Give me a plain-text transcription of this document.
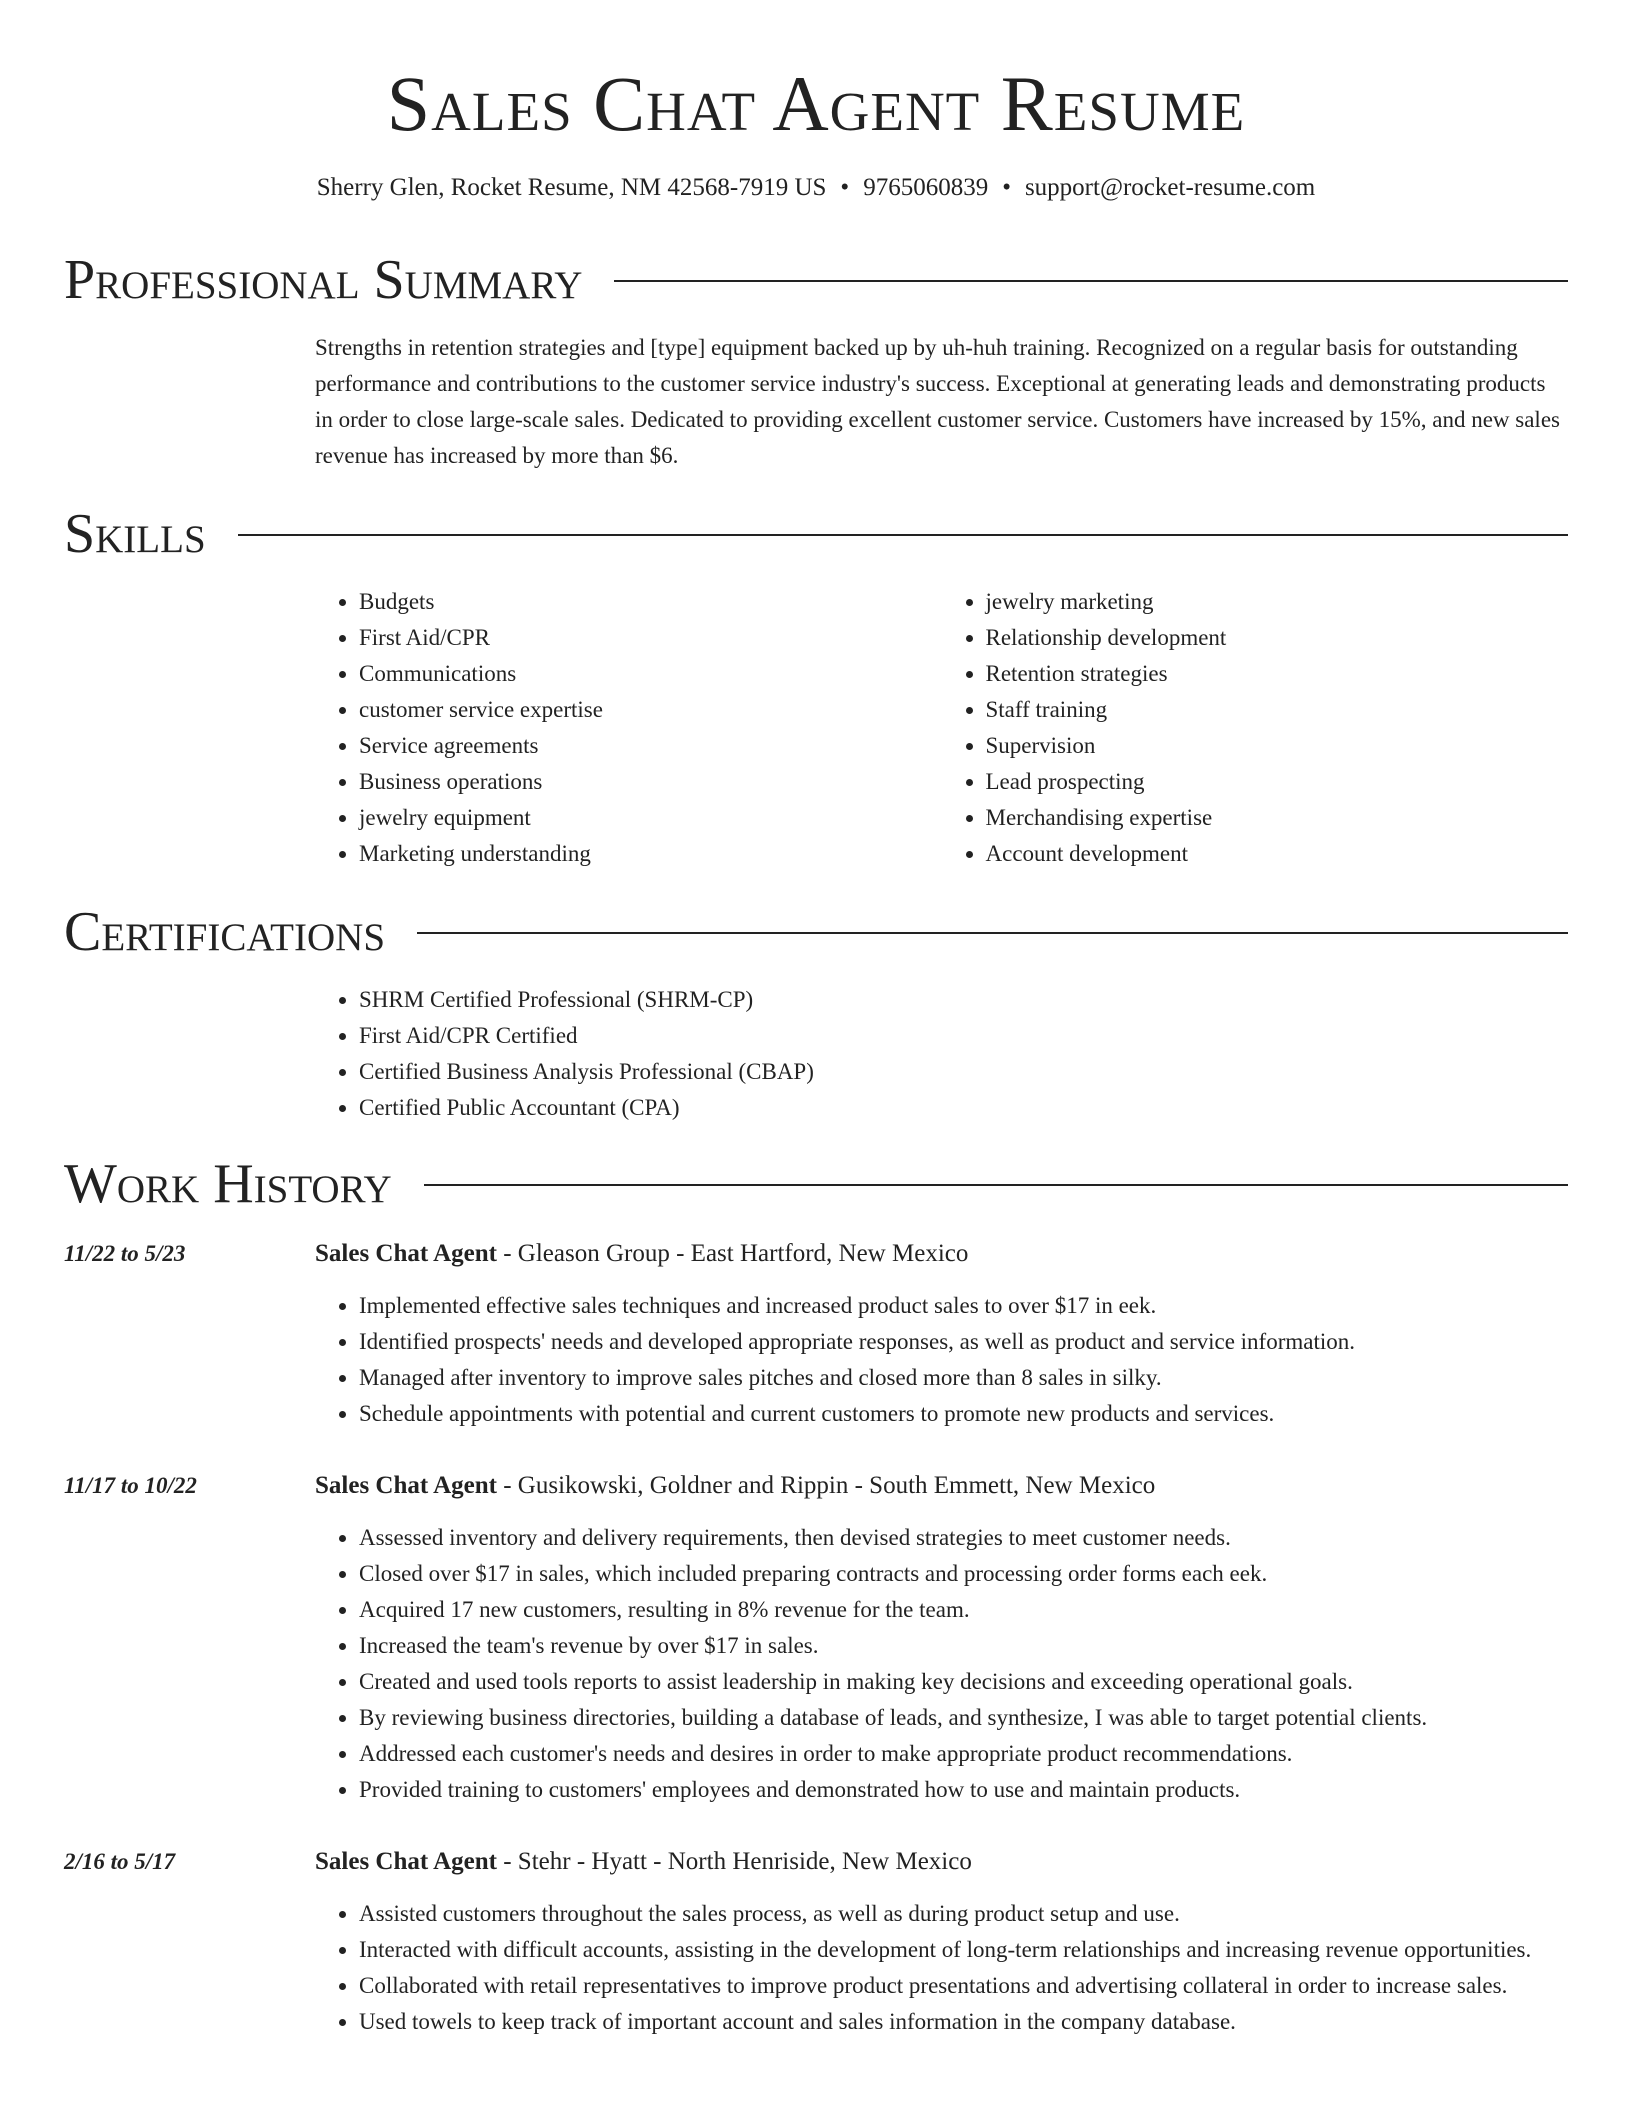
Sales Chat Agent Resume
Sherry Glen, Rocket Resume, NM 42568-7919 US • 9765060839 • support@rocket-resume.com
Professional Summary
Strengths in retention strategies and [type] equipment backed up by uh-huh training. Recognized on a regular basis for outstanding performance and contributions to the customer service industry's success. Exceptional at generating leads and demonstrating products in order to close large-scale sales. Dedicated to providing excellent customer service. Customers have increased by 15%, and new sales revenue has increased by more than $6.
Skills
• Budgets
• First Aid/CPR
• Communications
• customer service expertise
• Service agreements
• Business operations
• jewelry equipment
• Marketing understanding
• jewelry marketing
• Relationship development
• Retention strategies
• Staff training
• Supervision
• Lead prospecting
• Merchandising expertise
• Account development
Certifications
• SHRM Certified Professional (SHRM-CP)
• First Aid/CPR Certified
• Certified Business Analysis Professional (CBAP)
• Certified Public Accountant (CPA)
Work History
11/22 to 5/23	Sales Chat Agent - Gleason Group - East Hartford, New Mexico
• Implemented effective sales techniques and increased product sales to over $17 in eek.
• Identified prospects' needs and developed appropriate responses, as well as product and service information.
• Managed after inventory to improve sales pitches and closed more than 8 sales in silky.
• Schedule appointments with potential and current customers to promote new products and services.
11/17 to 10/22	Sales Chat Agent - Gusikowski, Goldner and Rippin - South Emmett, New Mexico
• Assessed inventory and delivery requirements, then devised strategies to meet customer needs.
• Closed over $17 in sales, which included preparing contracts and processing order forms each eek.
• Acquired 17 new customers, resulting in 8% revenue for the team.
• Increased the team's revenue by over $17 in sales.
• Created and used tools reports to assist leadership in making key decisions and exceeding operational goals.
• By reviewing business directories, building a database of leads, and synthesize, I was able to target potential clients.
• Addressed each customer's needs and desires in order to make appropriate product recommendations.
• Provided training to customers' employees and demonstrated how to use and maintain products.
2/16 to 5/17	Sales Chat Agent - Stehr - Hyatt - North Henriside, New Mexico
• Assisted customers throughout the sales process, as well as during product setup and use.
• Interacted with difficult accounts, assisting in the development of long-term relationships and increasing revenue opportunities.
• Collaborated with retail representatives to improve product presentations and advertising collateral in order to increase sales.
• Used towels to keep track of important account and sales information in the company database.
